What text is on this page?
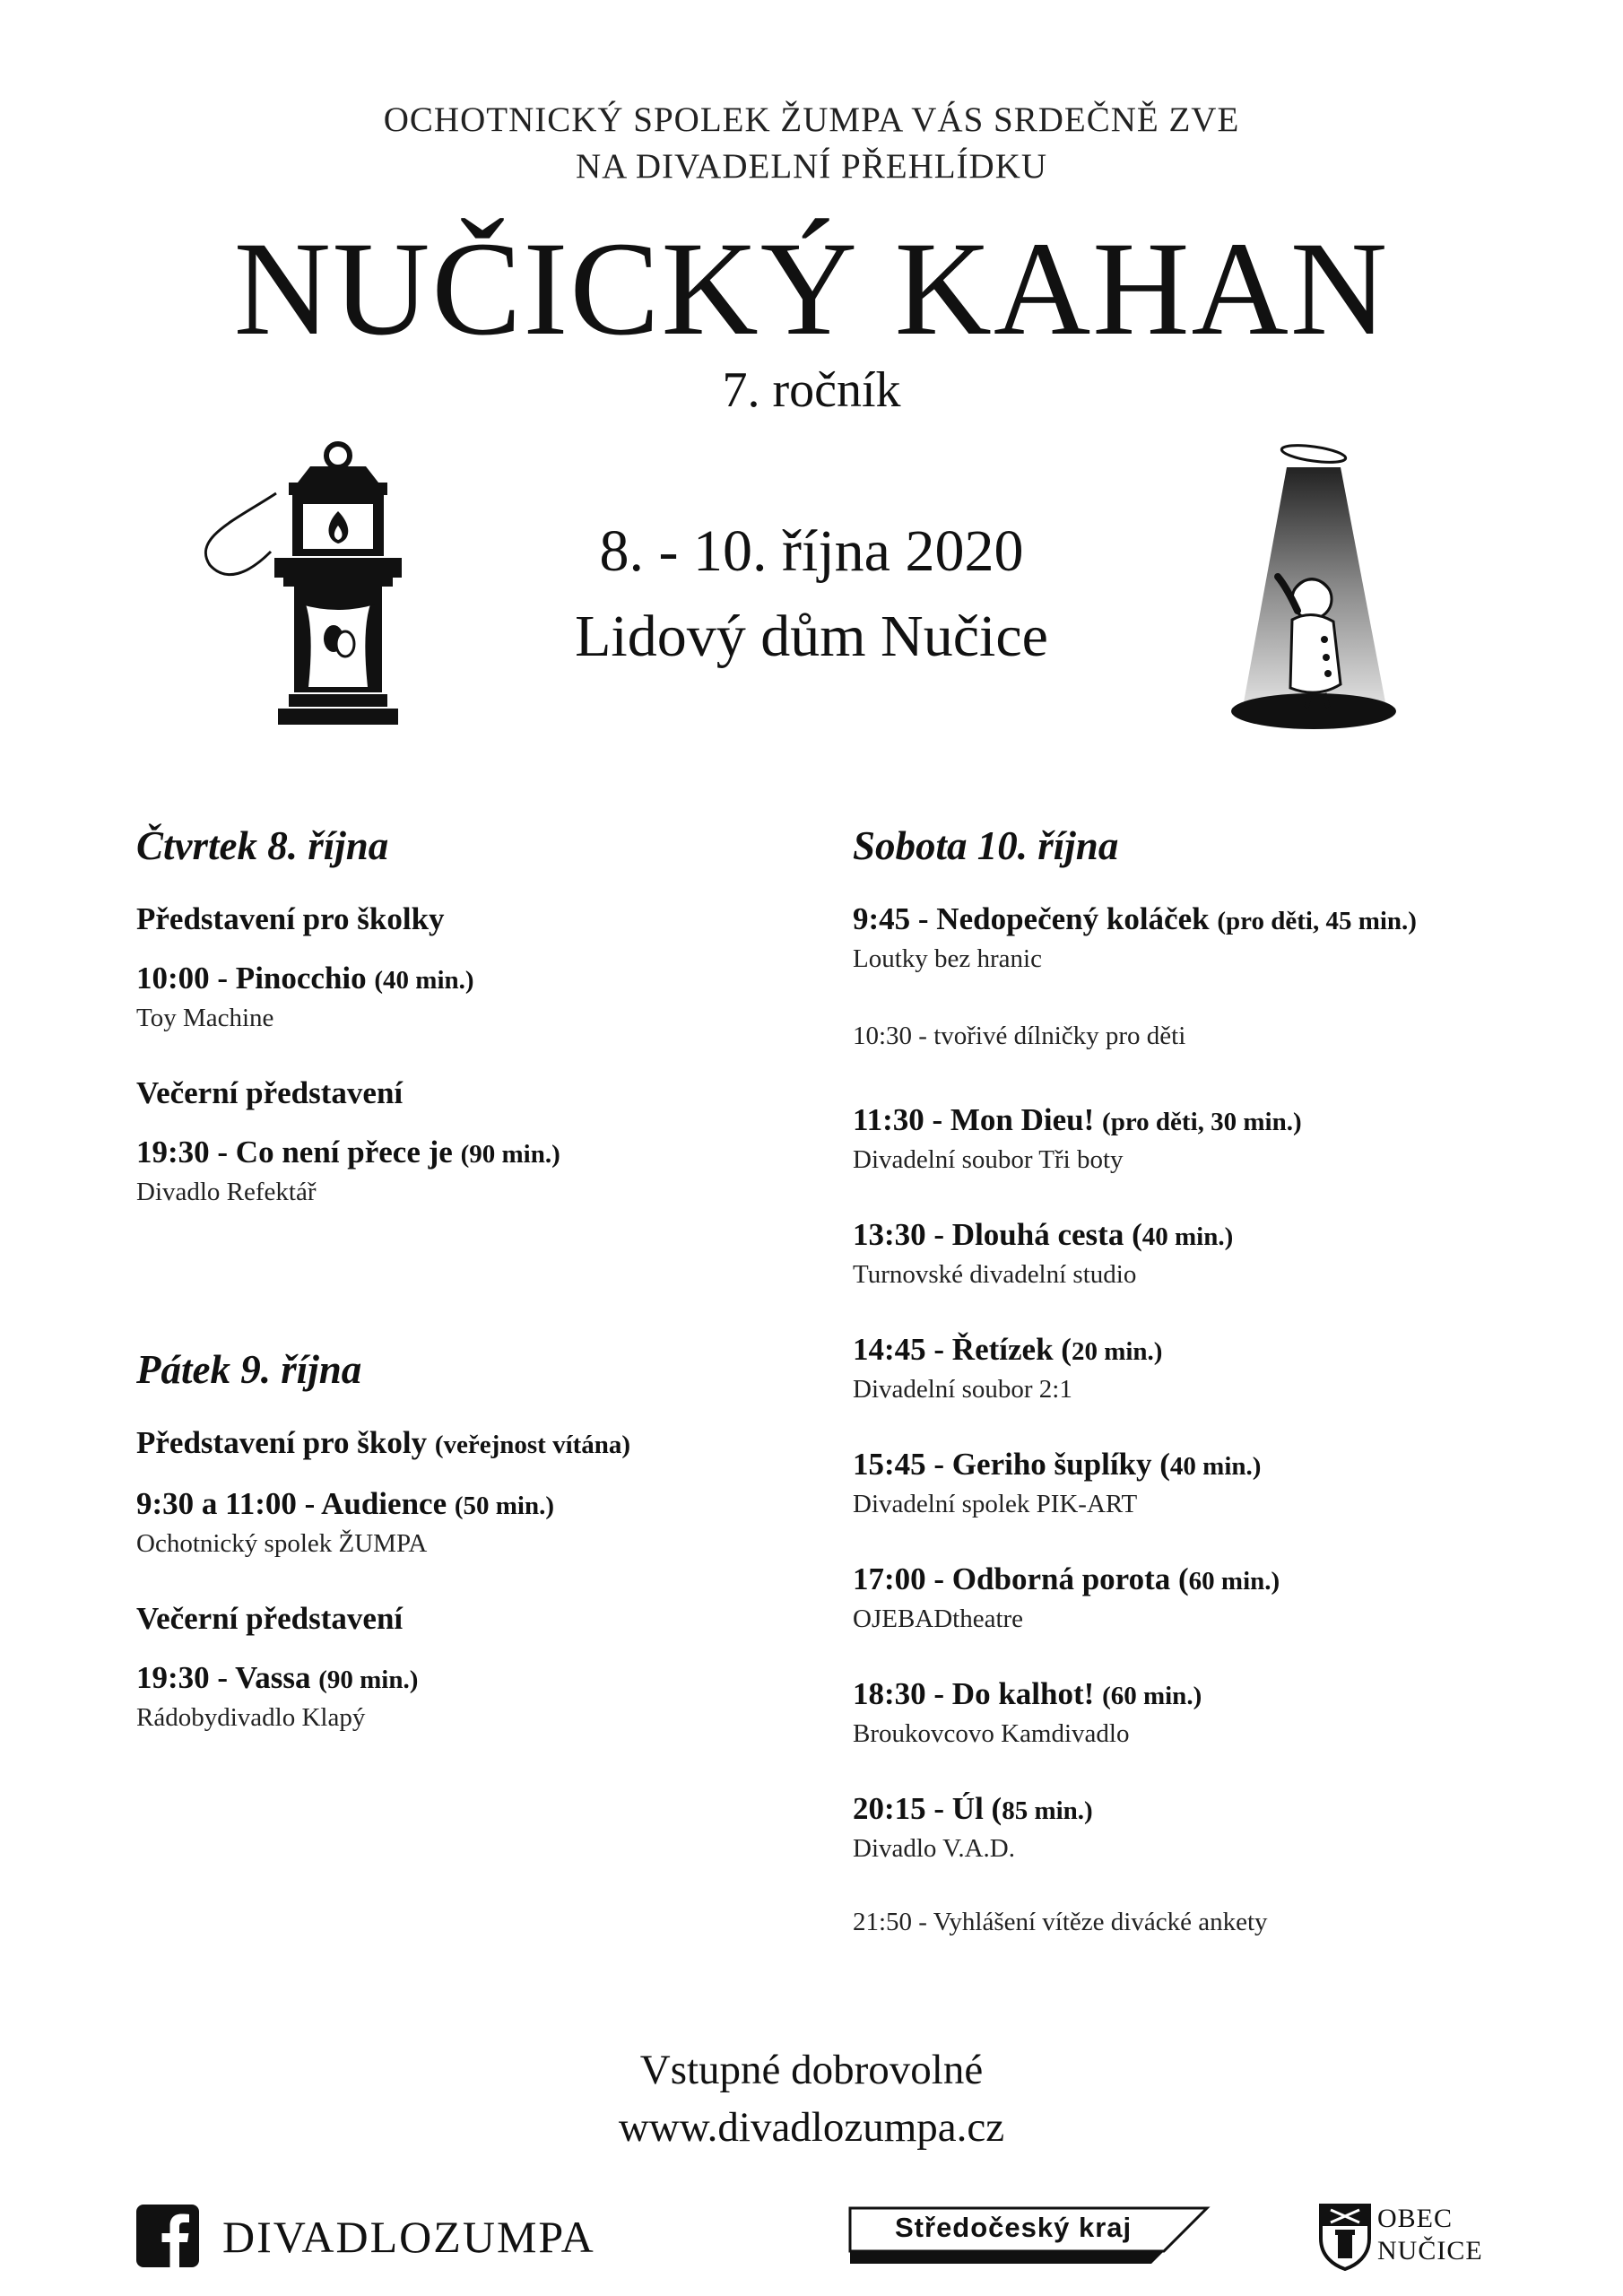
OCHOTNICKÝ SPOLEK ŽUMPA VÁS SRDEČNĚ ZVE
NA DIVADELNÍ PŘEHLÍDKU
NUČICKÝ KAHAN
7. ročník
8. - 10. října 2020
Lidový dům Nučice
Čtvrtek 8. října
Představení pro školky
10:00 - Pinocchio (40 min.)
Toy Machine
Večerní představení
19:30 - Co není přece je (90 min.)
Divadlo Refektář
Pátek 9. října
Představení pro školy (veřejnost vítána)
9:30 a 11:00 - Audience (50 min.)
Ochotnický spolek ŽUMPA
Večerní představení
19:30 - Vassa (90 min.)
Rádobydivadlo Klapý
Sobota 10. října
9:45 - Nedopečený koláček (pro děti, 45 min.)
Loutky bez hranic
10:30 - tvořivé dílničky pro děti
11:30 - Mon Dieu! (pro děti, 30 min.)
Divadelní soubor Tři boty
13:30 - Dlouhá cesta (40 min.)
Turnovské divadelní studio
14:45 - Řetízek (20 min.)
Divadelní soubor 2:1
15:45 - Geriho šuplíky (40 min.)
Divadelní spolek PIK-ART
17:00 - Odborná porota (60 min.)
OJEBADtheatre
18:30 - Do kalhot! (60 min.)
Broukovcovo Kamdivadlo
20:15 - Úl (85 min.)
Divadlo V.A.D.
21:50 - Vyhlášení vítěze divácké ankety
Vstupné dobrovolné
www.divadlozumpa.cz
DIVADLOZUMPA	Středočeský kraj	OBEC
NUČICE
